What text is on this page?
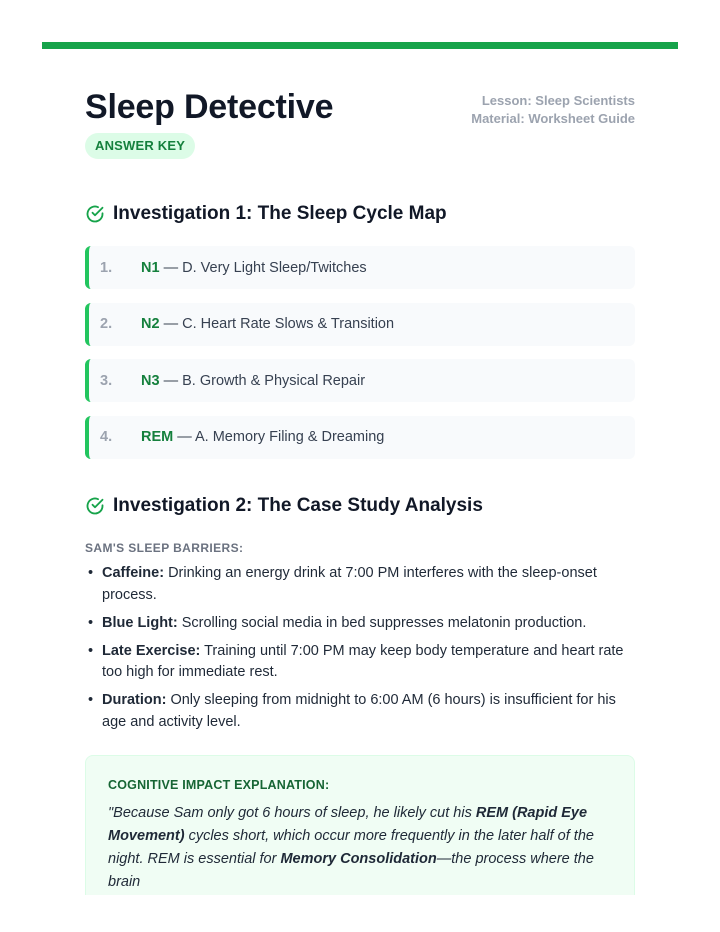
Sleep Detective
ANSWER KEY
Lesson: Sleep Scientists
Material: Worksheet Guide
Investigation 1: The Sleep Cycle Map
1. N1 — D. Very Light Sleep/Twitches
2. N2 — C. Heart Rate Slows & Transition
3. N3 — B. Growth & Physical Repair
4. REM — A. Memory Filing & Dreaming
Investigation 2: The Case Study Analysis
SAM'S SLEEP BARRIERS:
• Caffeine: Drinking an energy drink at 7:00 PM interferes with the sleep-onset process.
• Blue Light: Scrolling social media in bed suppresses melatonin production.
• Late Exercise: Training until 7:00 PM may keep body temperature and heart rate too high for immediate rest.
• Duration: Only sleeping from midnight to 6:00 AM (6 hours) is insufficient for his age and activity level.
COGNITIVE IMPACT EXPLANATION:

"Because Sam only got 6 hours of sleep, he likely cut his REM (Rapid Eye Movement) cycles short, which occur more frequently in the later half of the night. REM is essential for Memory Consolidation—the process where the brain
